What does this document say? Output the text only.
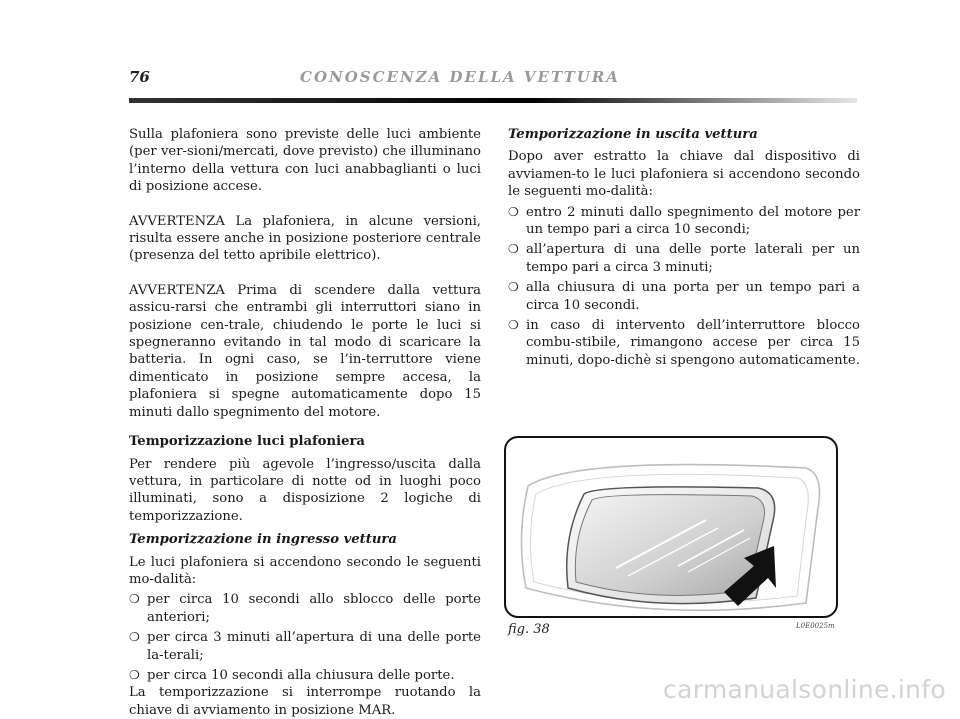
76	CONOSCENZA DELLA VETTURA

Sulla plafoniera sono previste delle luci ambiente (per ver-sioni/mercati, dove previsto) che illuminano l’interno della vettura con luci anabbaglianti o luci di posizione accese.

AVVERTENZA La plafoniera, in alcune versioni, risulta essere anche in posizione posteriore centrale (presenza del tetto apribile elettrico).

AVVERTENZA Prima di scendere dalla vettura assicu-rarsi che entrambi gli interruttori siano in posizione cen-trale, chiudendo le porte le luci si spegneranno evitando in tal modo di scaricare la batteria. In ogni caso, se l’in-terruttore viene dimenticato in posizione sempre accesa, la plafoniera si spegne automaticamente dopo 15 minuti dallo spegnimento del motore.

Temporizzazione luci plafoniera

Per rendere più agevole l’ingresso/uscita dalla vettura, in particolare di notte od in luoghi poco illuminati, sono a disposizione 2 logiche di temporizzazione.

Temporizzazione in ingresso vettura

Le luci plafoniera si accendono secondo le seguenti mo-dalità:

❍ per circa 10 secondi allo sblocco delle porte anteriori;
❍ per circa 3 minuti all’apertura di una delle porte la-terali;
❍ per circa 10 secondi alla chiusura delle porte.

La temporizzazione si interrompe ruotando la chiave di avviamento in posizione MAR.

Temporizzazione in uscita vettura

Dopo aver estratto la chiave dal dispositivo di avviamen-to le luci plafoniera si accendono secondo le seguenti mo-dalità:

❍ entro 2 minuti dallo spegnimento del motore per un tempo pari a circa 10 secondi;
❍ all’apertura di una delle porte laterali per un tempo pari a circa 3 minuti;
❍ alla chiusura di una porta per un tempo pari a circa 10 secondi.
❍ in caso di intervento dell’interruttore blocco combu-stibile, rimangono accese per circa 15 minuti, dopo-dichè si spengono automaticamente.
fig. 38	L0E0025m
carmanualsonline.info
